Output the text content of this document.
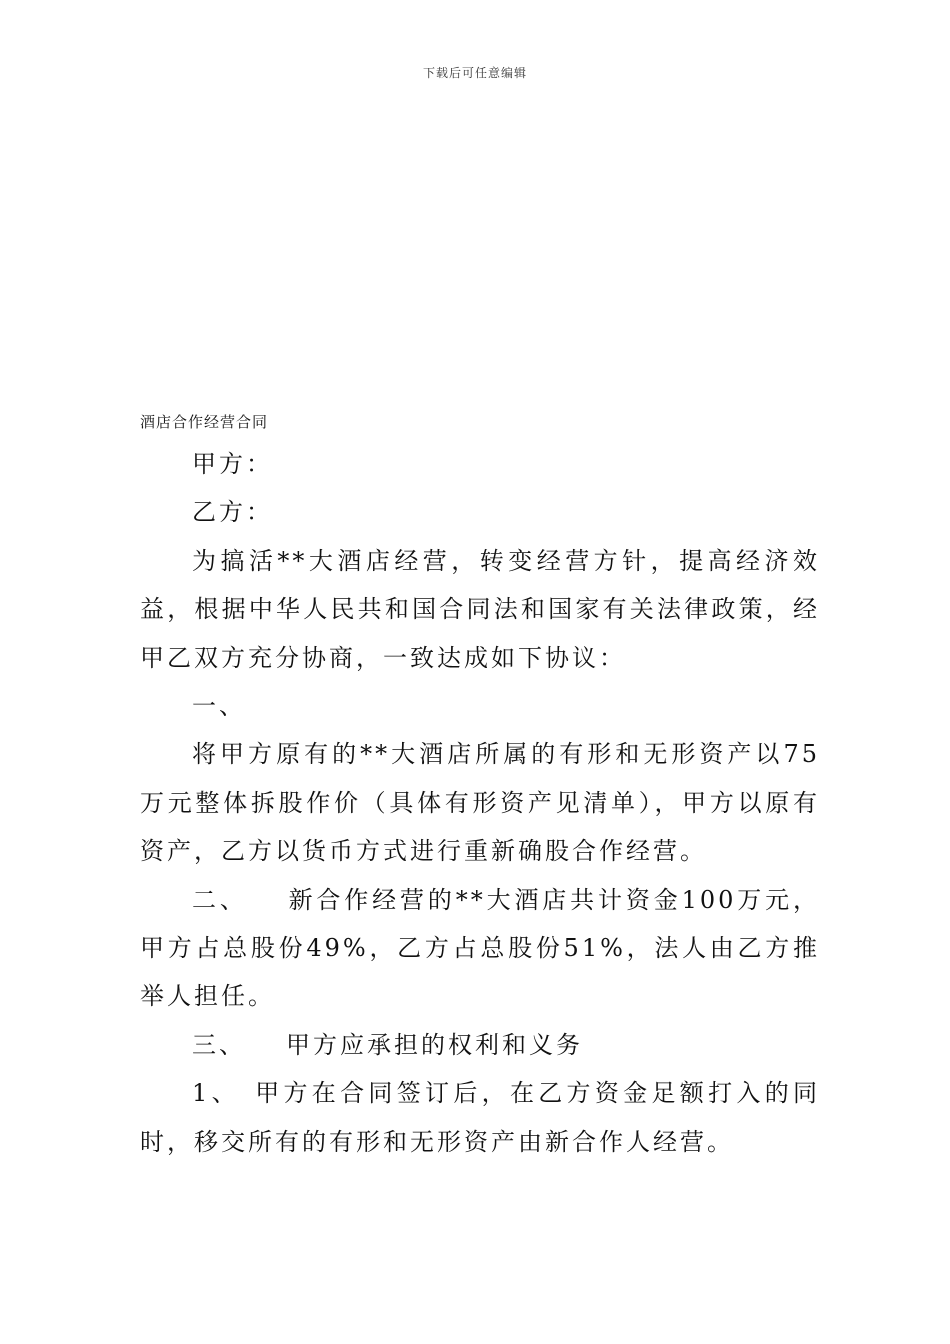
下载后可任意编辑
酒店合作经营合同

甲方：

乙方：

为搞活**大酒店经营，转变经营方针，提高经济效益，根据中华人民共和国合同法和国家有关法律政策，经甲乙双方充分协商，一致达成如下协议：

一、

将甲方原有的**大酒店所属的有形和无形资产以75万元整体拆股作价（具体有形资产见清单），甲方以原有资产，乙方以货币方式进行重新确股合作经营。

二、 新合作经营的**大酒店共计资金100万元，甲方占总股份49%，乙方占总股份51%，法人由乙方推举人担任。

三、 甲方应承担的权利和义务

1、 甲方在合同签订后，在乙方资金足额打入的同时，移交所有的有形和无形资产由新合作人经营。
